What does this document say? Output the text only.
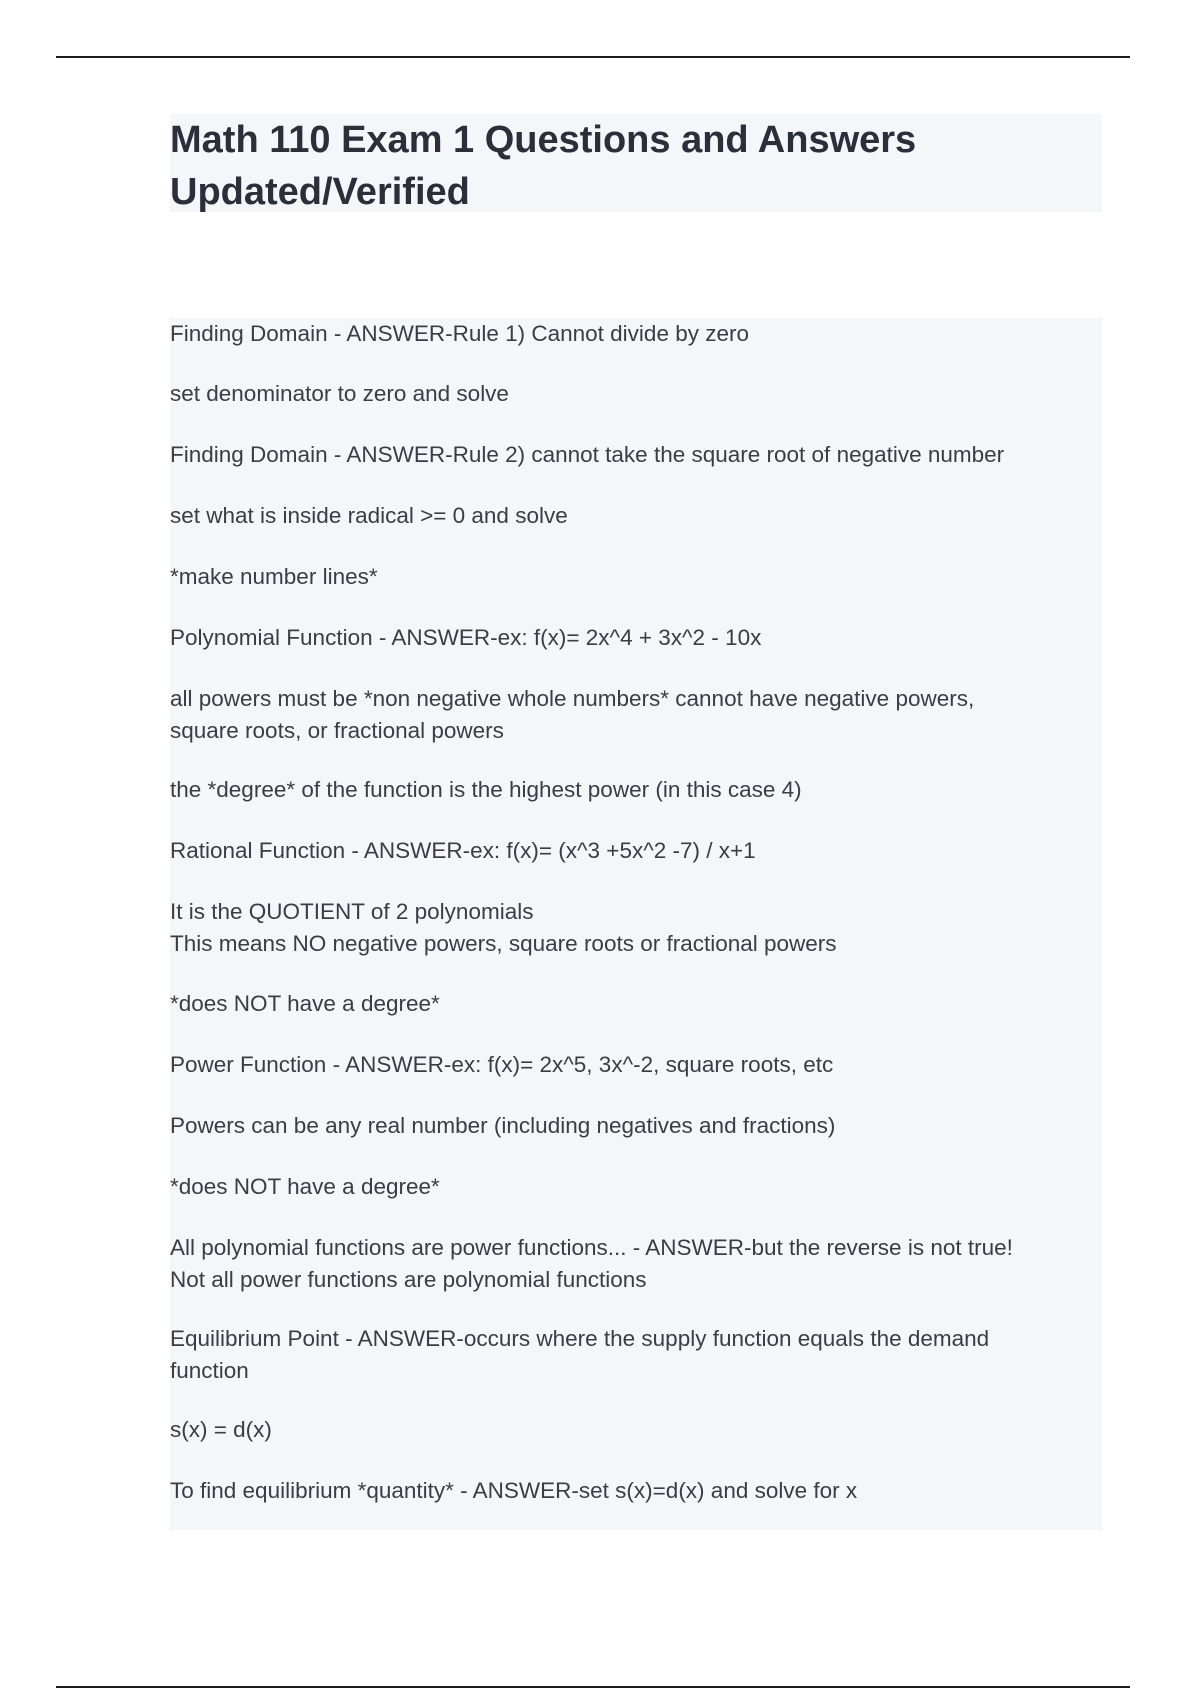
Math 110 Exam 1 Questions and Answers
Updated/Verified

Finding Domain - ANSWER-Rule 1) Cannot divide by zero

set denominator to zero and solve

Finding Domain - ANSWER-Rule 2) cannot take the square root of negative number

set what is inside radical >= 0 and solve

*make number lines*

Polynomial Function - ANSWER-ex: f(x)= 2x^4 + 3x^2 - 10x

all powers must be *non negative whole numbers* cannot have negative powers,
square roots, or fractional powers

the *degree* of the function is the highest power (in this case 4)

Rational Function - ANSWER-ex: f(x)= (x^3 +5x^2 -7) / x+1

It is the QUOTIENT of 2 polynomials
This means NO negative powers, square roots or fractional powers

*does NOT have a degree*

Power Function - ANSWER-ex: f(x)= 2x^5, 3x^-2, square roots, etc

Powers can be any real number (including negatives and fractions)

*does NOT have a degree*

All polynomial functions are power functions... - ANSWER-but the reverse is not true!
Not all power functions are polynomial functions

Equilibrium Point - ANSWER-occurs where the supply function equals the demand
function

s(x) = d(x)

To find equilibrium *quantity* - ANSWER-set s(x)=d(x) and solve for x
